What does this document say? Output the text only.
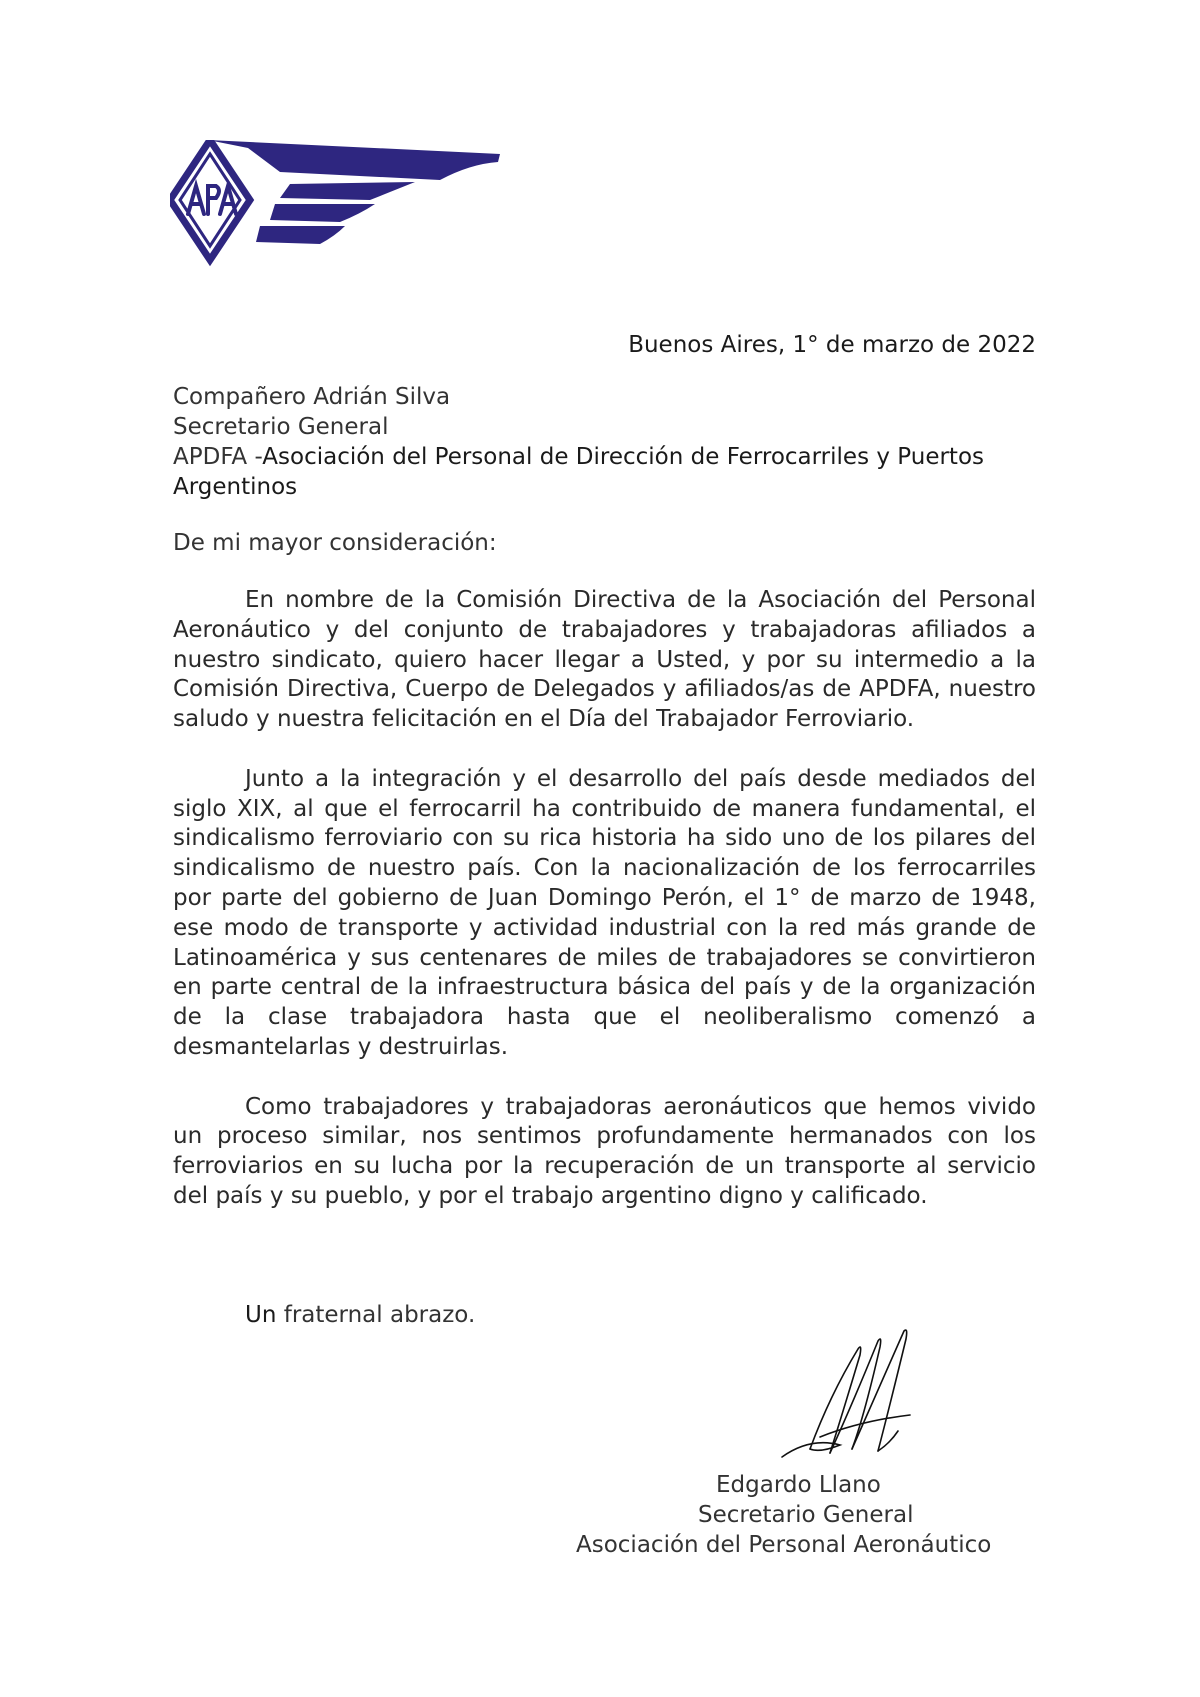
Buenos Aires, 1° de marzo de 2022
Compañero Adrián Silva
Secretario General
APDFA -Asociación del Personal de Dirección de Ferrocarriles y Puertos Argentinos
De mi mayor consideración:

En nombre de la Comisión Directiva de la Asociación del Personal Aeronáutico y del conjunto de trabajadores y trabajadoras afiliados a nuestro sindicato, quiero hacer llegar a Usted, y por su intermedio a la Comisión Directiva, Cuerpo de Delegados y afiliados/as de APDFA, nuestro saludo y nuestra felicitación en el Día del Trabajador Ferroviario.

Junto a la integración y el desarrollo del país desde mediados del siglo XIX, al que el ferrocarril ha contribuido de manera fundamental, el sindicalismo ferroviario con su rica historia ha sido uno de los pilares del sindicalismo de nuestro país. Con la nacionalización de los ferrocarriles por parte del gobierno de Juan Domingo Perón, el 1° de marzo de 1948, ese modo de transporte y actividad industrial con la red más grande de Latinoamérica y sus centenares de miles de trabajadores se convirtieron en parte central de la infraestructura básica del país y de la organización de la clase trabajadora hasta que el neoliberalismo comenzó a desmantelarlas y destruirlas.

Como trabajadores y trabajadoras aeronáuticos que hemos vivido un proceso similar, nos sentimos profundamente hermanados con los ferroviarios en su lucha por la recuperación de un transporte al servicio del país y su pueblo, y por el trabajo argentino digno y calificado.

Un fraternal abrazo.
Edgardo Llano
Secretario General
Asociación del Personal Aeronáutico
